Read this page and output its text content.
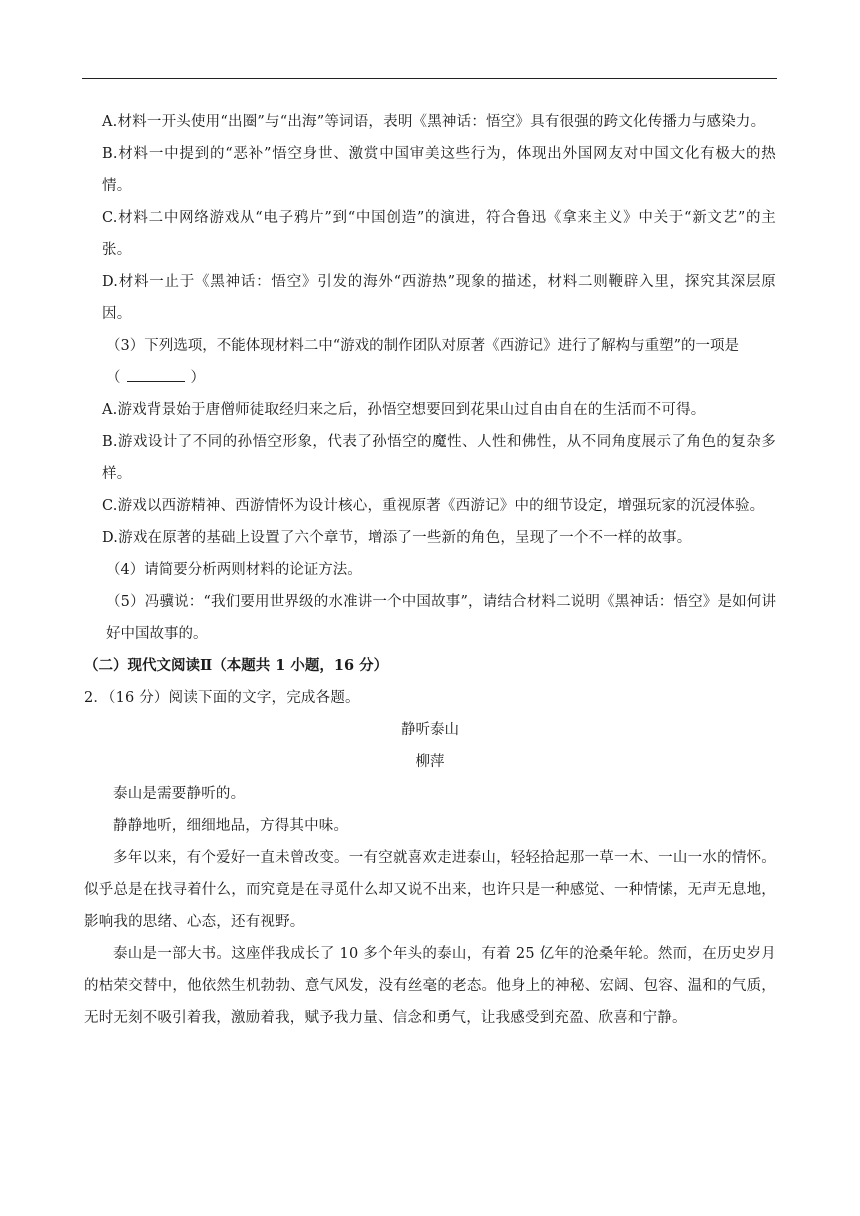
A.材料一开头使用“出圈”与“出海”等词语，表明《黑神话：悟空》具有很强的跨文化传播力与感染力。

B.材料一中提到的“恶补”悟空身世、激赏中国审美这些行为，体现出外国网友对中国文化有极大的热情。

C.材料二中网络游戏从“电子鸦片”到“中国创造”的演进，符合鲁迅《拿来主义》中关于“新文艺”的主张。

D.材料一止于《黑神话：悟空》引发的海外“西游热”现象的描述，材料二则鞭辟入里，探究其深层原因。

（3）下列选项，不能体现材料二中“游戏的制作团队对原著《西游记》进行了解构与重塑”的一项是
（	）

A.游戏背景始于唐僧师徒取经归来之后，孙悟空想要回到花果山过自由自在的生活而不可得。

B.游戏设计了不同的孙悟空形象，代表了孙悟空的魔性、人性和佛性，从不同角度展示了角色的复杂多样。

C.游戏以西游精神、西游情怀为设计核心，重视原著《西游记》中的细节设定，增强玩家的沉浸体验。

D.游戏在原著的基础上设置了六个章节，增添了一些新的角色，呈现了一个不一样的故事。

（4）请简要分析两则材料的论证方法。

（5）冯骥说：“我们要用世界级的水准讲一个中国故事”，请结合材料二说明《黑神话：悟空》是如何讲好中国故事的。

（二）现代文阅读Ⅱ（本题共 1 小题，16 分）

2．（16 分）阅读下面的文字，完成各题。

静听泰山

柳萍

泰山是需要静听的。

静静地听，细细地品，方得其中味。

多年以来，有个爱好一直未曾改变。一有空就喜欢走进泰山，轻轻拾起那一草一木、一山一水的情怀。似乎总是在找寻着什么，而究竟是在寻觅什么却又说不出来，也许只是一种感觉、一种情愫，无声无息地，影响我的思绪、心态，还有视野。

泰山是一部大书。这座伴我成长了 10 多个年头的泰山，有着 25 亿年的沧桑年轮。然而，在历史岁月的枯荣交替中，他依然生机勃勃、意气风发，没有丝毫的老态。他身上的神秘、宏阔、包容、温和的气质，无时无刻不吸引着我，激励着我，赋予我力量、信念和勇气，让我感受到充盈、欣喜和宁静。
